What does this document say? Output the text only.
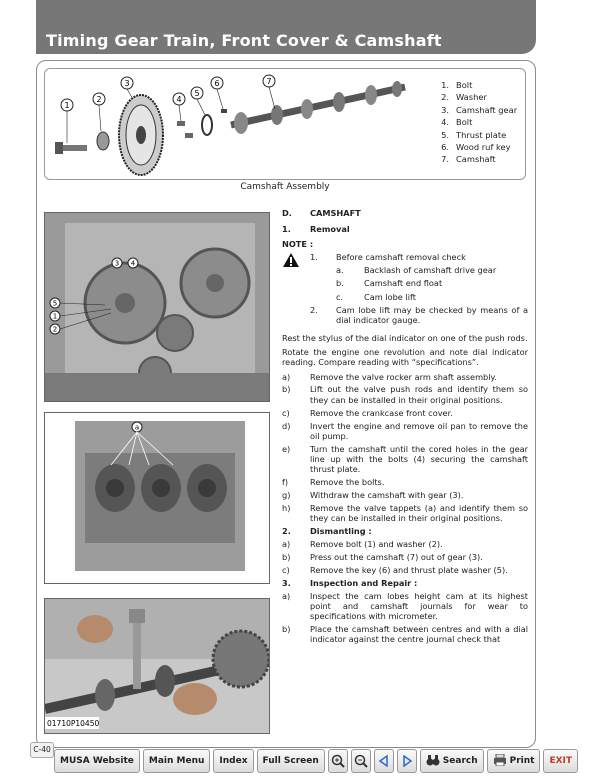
Timing Gear Train, Front Cover & Camshaft
1
2
3
4
5
6	7	1. Bolt
2. Washer
3. Camshaft gear
4. Bolt
5. Thrust plate
6. Wood ruf key
7. Camshaft
Camshaft Assembly
3 4
5
1
2
a
01710P10450
D.	CAMSHAFT
1.	Removal
NOTE :
1.	Before camshaft removal check
a.	Backlash of camshaft drive gear
b.	Camshaft end float
c.	Cam lobe lift
2.	Cam lobe lift may be checked by means of a dial indicator gauge.
Rest the stylus of the dial indicator on one of the push rods.
Rotate the engine one revolution and note dial indicator reading. Compare reading with “specifications”.
a)	Remove the valve rocker arm shaft assembly.
b)	Lift out the valve push rods and identify them so they can be installed in their original positions.
c)	Remove the crankcase front cover.
d)	Invert the engine and remove oil pan to remove the oil pump.
e)	Turn the camshaft until the cored holes in the gear line up with the bolts (4) securing the camshaft thrust plate.
f)	Remove the bolts.
g)	Withdraw the camshaft with gear (3).
h)	Remove the valve tappets (a) and identify them so they can be installed in their original positions.
2.	Dismantling :
a)	Remove bolt (1) and washer (2).
b)	Press out the camshaft (7) out of gear (3).
c)	Remove the key (6) and thrust plate washer (5).
3.	Inspection and Repair :
a)	Inspect the cam lobes height cam at its highest point and camshaft journals for wear to specifications with micrometer.
b)	Place the camshaft between centres and with a dial indicator against the centre journal check that
C-40
MUSA Website	Main Menu	Index	Full Screen	Search	Print	EXIT
